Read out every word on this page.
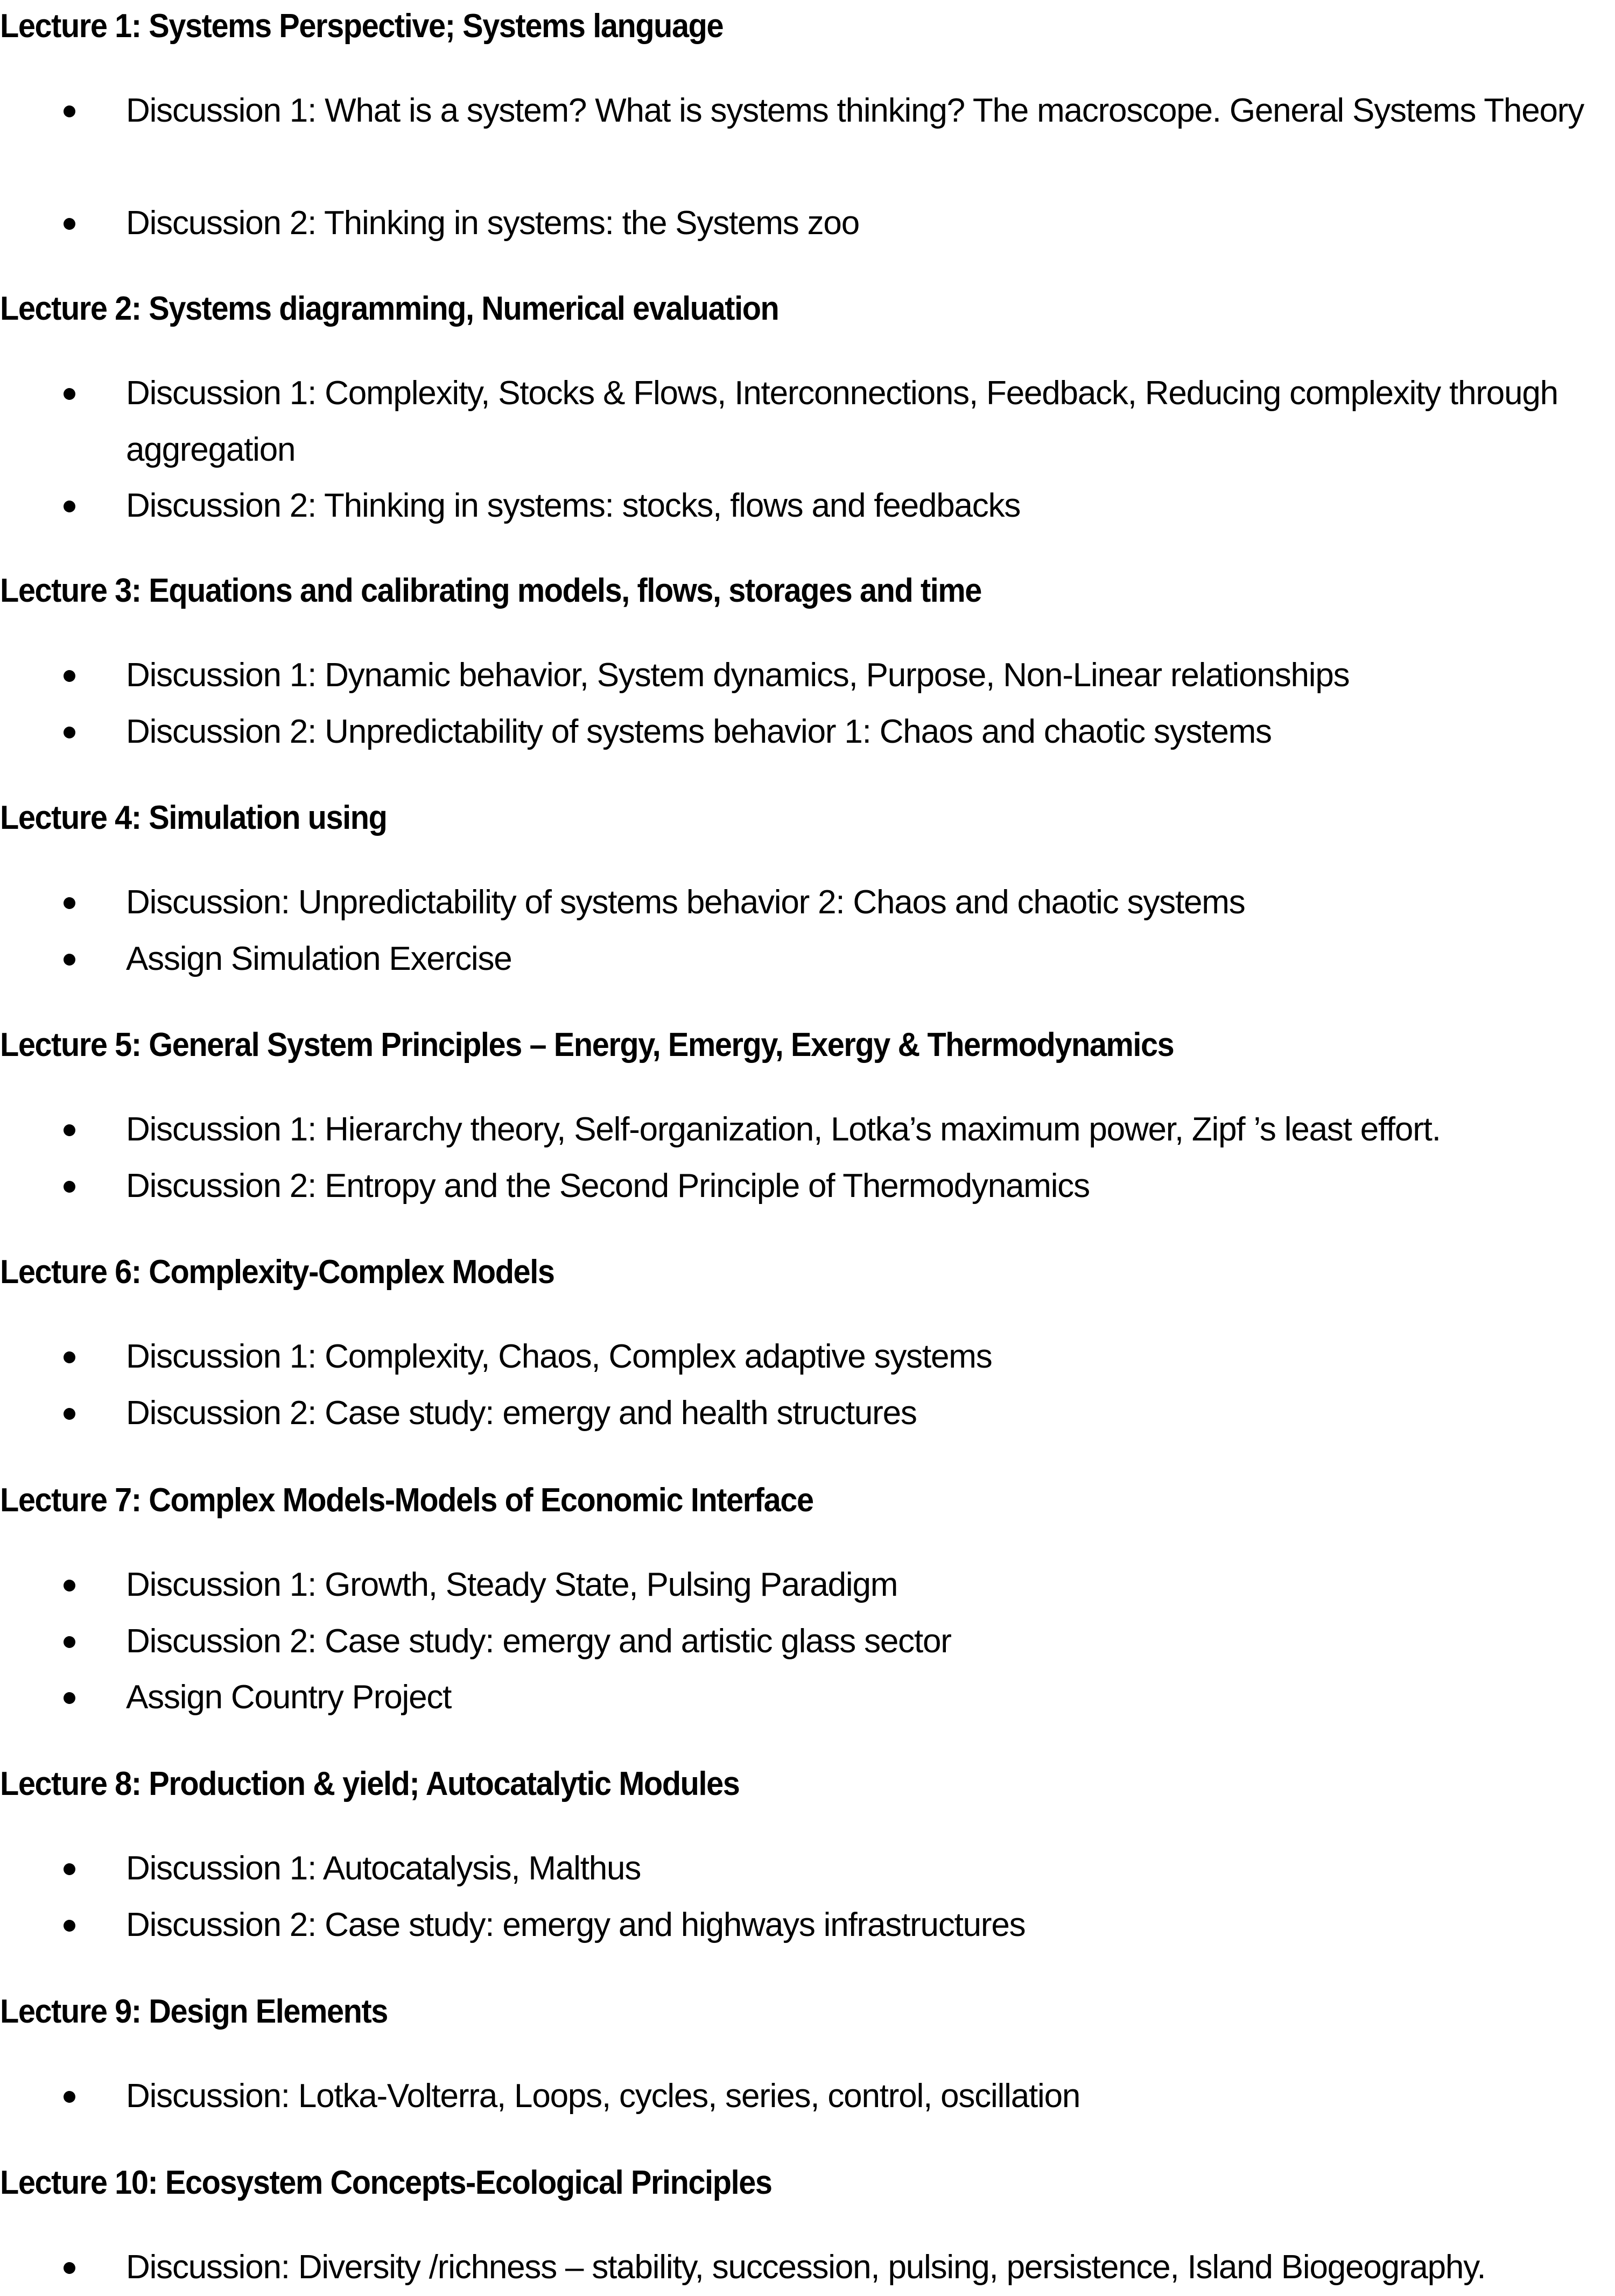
Lecture 1: Systems Perspective; Systems language
Discussion 1: What is a system? What is systems thinking? The macroscope. General Systems Theory
Discussion 2: Thinking in systems: the Systems zoo
Lecture 2: Systems diagramming, Numerical evaluation
Discussion 1: Complexity, Stocks & Flows, Interconnections, Feedback, Reducing complexity through aggregation
Discussion 2: Thinking in systems: stocks, flows and feedbacks
Lecture 3: Equations and calibrating models, flows, storages and time
Discussion 1: Dynamic behavior, System dynamics, Purpose, Non-Linear relationships
Discussion 2: Unpredictability of systems behavior 1: Chaos and chaotic systems
Lecture 4: Simulation using
Discussion: Unpredictability of systems behavior 2: Chaos and chaotic systems
Assign Simulation Exercise
Lecture 5: General System Principles – Energy, Emergy, Exergy & Thermodynamics
Discussion 1: Hierarchy theory, Self-organization, Lotka’s maximum power, Zipf ’s least effort.
Discussion 2: Entropy and the Second Principle of Thermodynamics
Lecture 6: Complexity-Complex Models
Discussion 1: Complexity, Chaos, Complex adaptive systems
Discussion 2: Case study: emergy and health structures
Lecture 7: Complex Models-Models of Economic Interface
Discussion 1: Growth, Steady State, Pulsing Paradigm
Discussion 2: Case study: emergy and artistic glass sector
Assign Country Project
Lecture 8: Production & yield; Autocatalytic Modules
Discussion 1: Autocatalysis, Malthus
Discussion 2: Case study: emergy and highways infrastructures
Lecture 9: Design Elements
Discussion: Lotka-Volterra, Loops, cycles, series, control, oscillation
Lecture 10: Ecosystem Concepts-Ecological Principles
Discussion: Diversity /richness – stability, succession, pulsing, persistence, Island Biogeography.
